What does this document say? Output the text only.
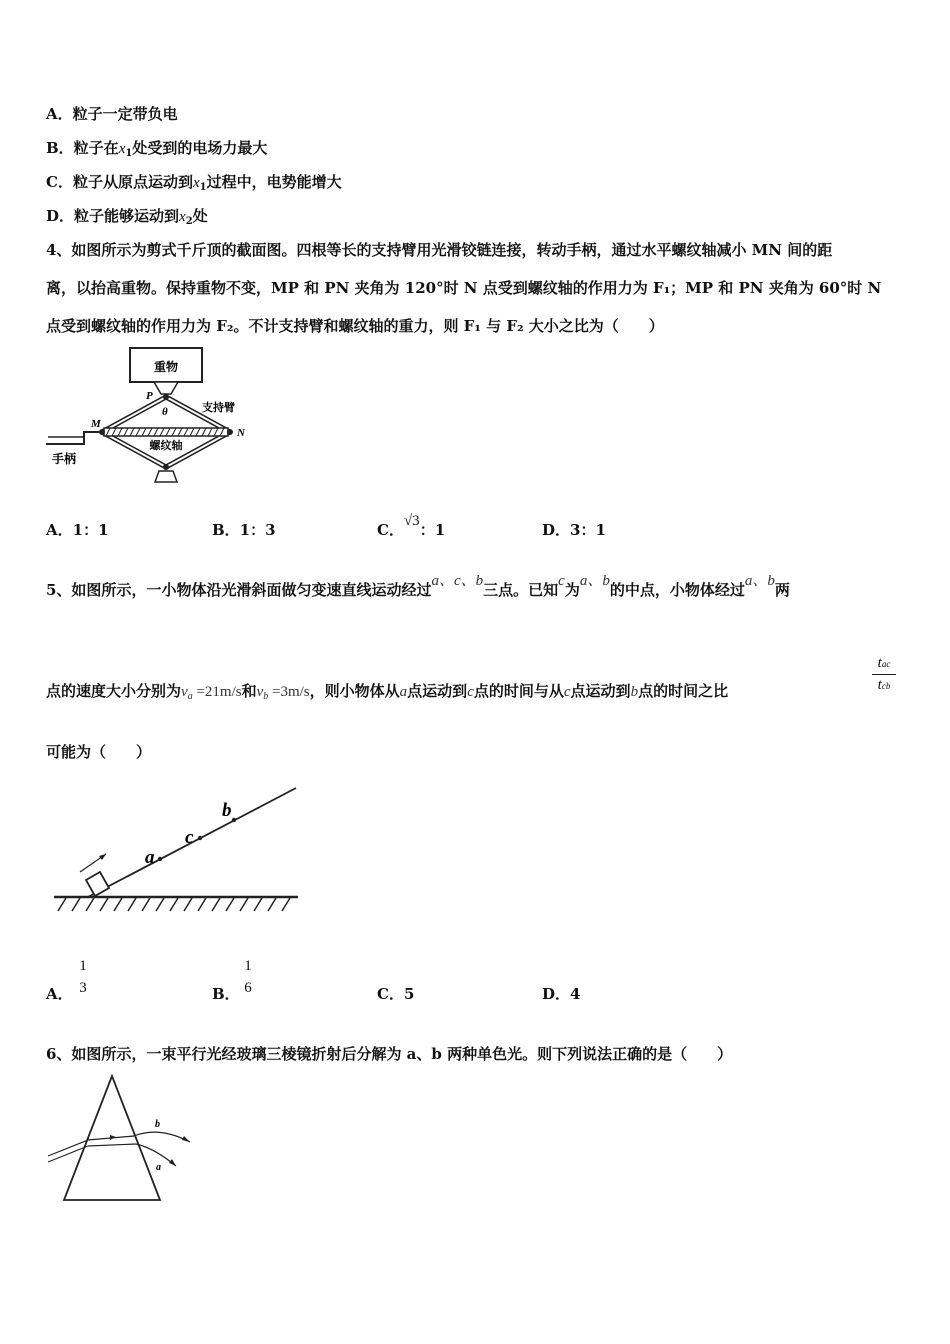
A．粒子一定带负电
B．粒子在$x_1$处受到的电场力最大
C．粒子从原点运动到$x_1$过程中，电势能增大
D．粒子能够运动到$x_2$处
4、如图所示为剪式千斤顶的截面图。四根等长的支持臂用光滑铰链连接，转动手柄，通过水平螺纹轴减小 MN 间的距
离，以抬高重物。保持重物不变，MP 和 PN 夹角为 120°时 N 点受到螺纹轴的作用力为 F₁；MP 和 PN 夹角为 60°时 N
点受到螺纹轴的作用力为 F₂。不计支持臂和螺纹轴的重力，则 F₁ 与 F₂ 大小之比为（　　）
重物
手柄
螺纹轴
支持臂
P
θ
M
N
A．1：1	B．1：3	C．√3：1	D．3：1
5、如图所示，一小物体沿光滑斜面做匀变速直线运动经过a、c、b三点。已知c为a、b的中点，小物体经过a、b两
点的速度大小分别为$v_a =21m/s$和$v_b =3m/s$，则小物体从a点运动到c点的时间与从c点运动到b点的时间之比
tac
tcb
可能为（　　）
a
c
b
A．
1
3	B．
1
6	C．5	D．4
6、如图所示，一束平行光经玻璃三棱镜折射后分解为 a、b 两种单色光。则下列说法正确的是（　　）
b
a
